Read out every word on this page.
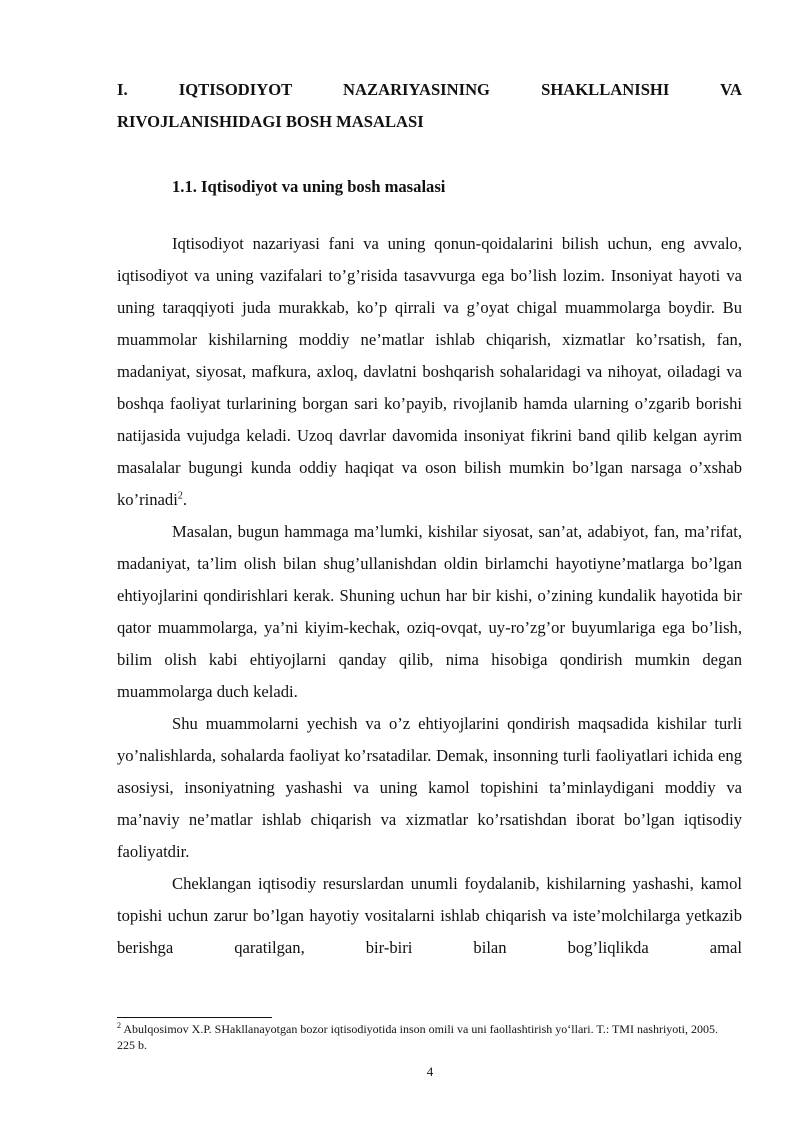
I. IQTISODIYOT NAZARIYASINING SHAKLLANISHI VA

RIVOJLANISHIDAGI BOSH MASALASI

1.1. Iqtisodiyot va uning bosh masalasi

Iqtisodiyot nazariyasi fani va uning qonun-qoidalarini bilish uchun, eng avvalo, iqtisodiyot va uning vazifalari to’g’risida tasavvurga ega bo’lish lozim. Insoniyat hayoti va uning taraqqiyoti juda murakkab, ko’p qirrali va g’oyat chigal muammolarga boydir. Bu muammolar kishilarning moddiy ne’matlar ishlab chiqarish, xizmatlar ko’rsatish, fan, madaniyat, siyosat, mafkura, axloq, davlatni boshqarish sohalaridagi va nihoyat, oiladagi va boshqa faoliyat turlarining borgan sari ko’payib, rivojlanib hamda ularning o’zgarib borishi natijasida vujudga keladi. Uzoq davrlar davomida insoniyat fikrini band qilib kelgan ayrim masalalar bugungi kunda oddiy haqiqat va oson bilish mumkin bo’lgan narsaga o’xshab ko’rinadi$^2$.

Masalan, bugun hammaga ma’lumki, kishilar siyosat, san’at, adabiyot, fan, ma’rifat, madaniyat, ta’lim olish bilan shug’ullanishdan oldin birlamchi hayotiyne’matlarga bo’lgan ehtiyojlarini qondirishlari kerak. Shuning uchun har bir kishi, o’zining kundalik hayotida bir qator muammolarga, ya’ni kiyim-kechak, oziq-ovqat, uy-ro’zg’or buyumlariga ega bo’lish, bilim olish kabi ehtiyojlarni qanday qilib, nima hisobiga qondirish mumkin degan muammolarga duch keladi.

Shu muammolarni yechish va o’z ehtiyojlarini qondirish maqsadida kishilar turli yo’nalishlarda, sohalarda faoliyat ko’rsatadilar. Demak, insonning turli faoliyatlari ichida eng asosiysi, insoniyatning yashashi va uning kamol topishini ta’minlaydigani moddiy va ma’naviy ne’matlar ishlab chiqarish va xizmatlar ko’rsatishdan iborat bo’lgan iqtisodiy faoliyatdir.

Cheklangan iqtisodiy resurslardan unumli foydalanib, kishilarning yashashi, kamol topishi uchun zarur bo’lgan hayotiy vositalarni ishlab chiqarish va iste’molchilarga yetkazib berishga qaratilgan, bir-biri bilan bog’liqlikda amal

$^2$ Abulqosimov X.P. SHakllanayotgan bozor iqtisodiyotida inson omili va uni faollashtirish yo‘llari. T.: TMI nashriyoti, 2005. 225 b.

4
